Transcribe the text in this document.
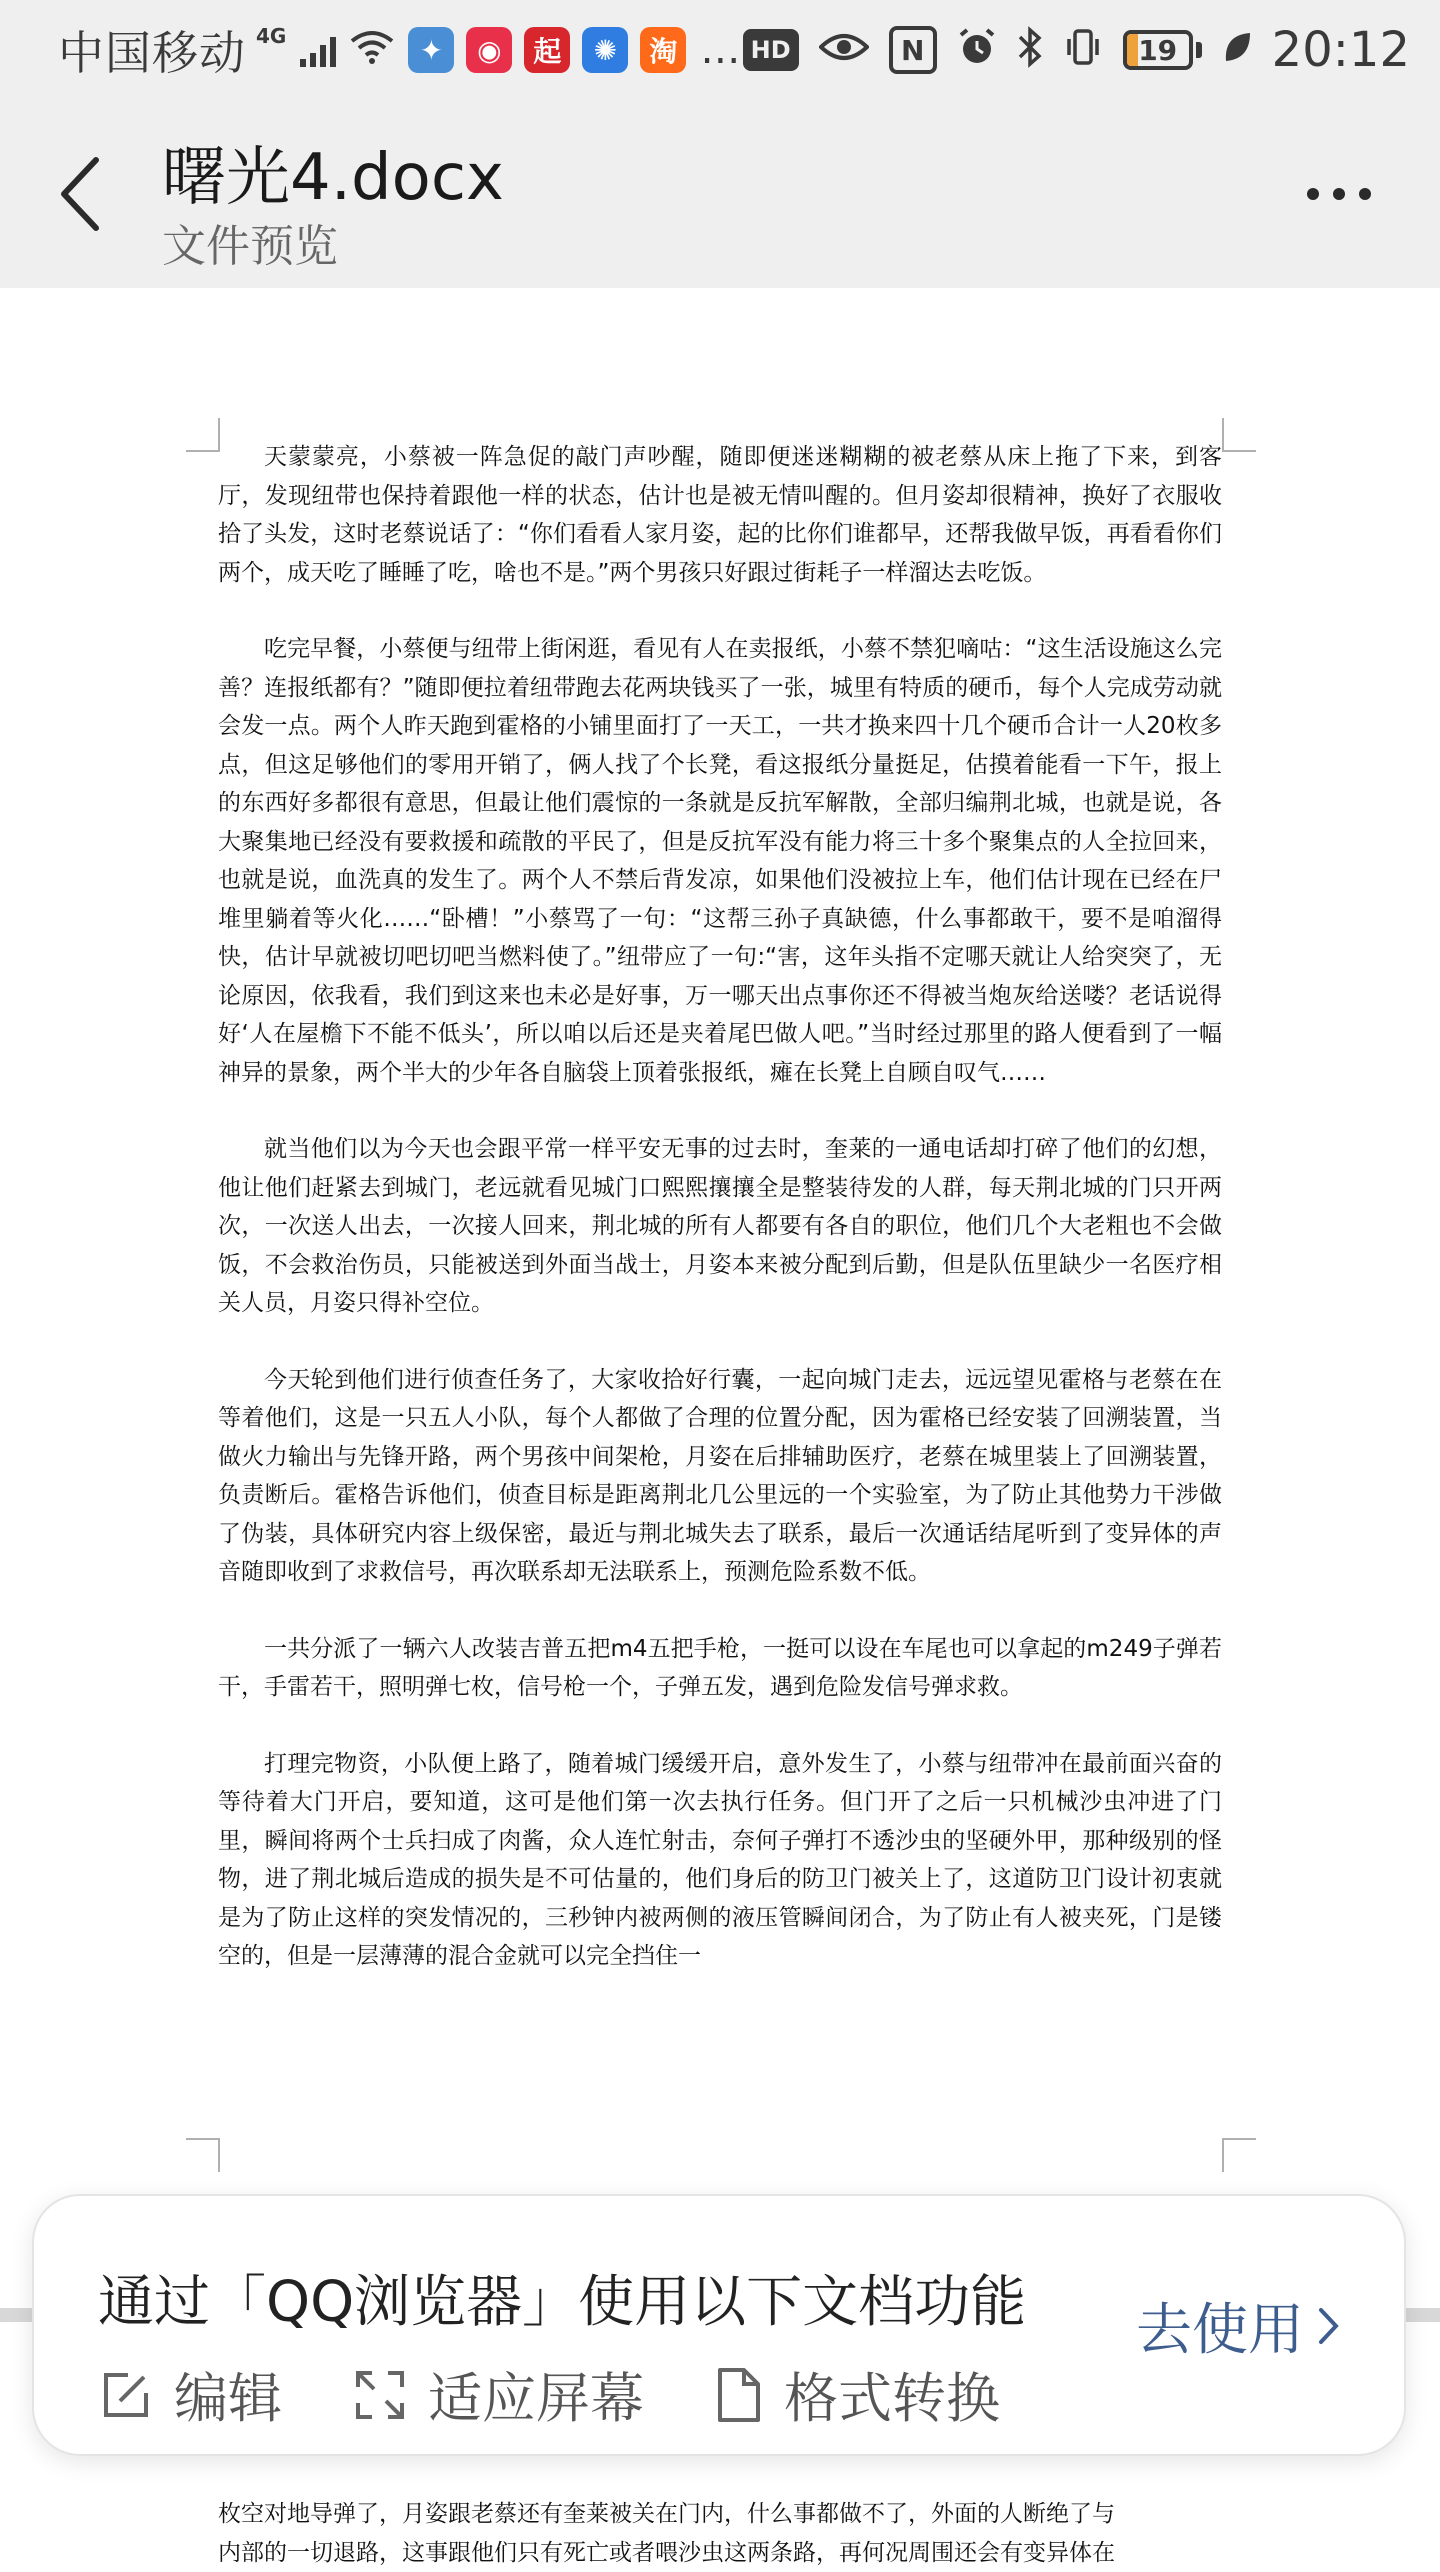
中国移动 4G	✦	◉	起	✺	淘 … HD	N	19 20:12
曙光4.docx
文件预览

天蒙蒙亮，小蔡被一阵急促的敲门声吵醒，随即便迷迷糊糊的被老蔡从床上拖了下来，到客厅，发现纽带也保持着跟他一样的状态，估计也是被无情叫醒的。但月姿却很精神，换好了衣服收拾了头发，这时老蔡说话了：“你们看看人家月姿，起的比你们谁都早，还帮我做早饭，再看看你们两个，成天吃了睡睡了吃，啥也不是。”两个男孩只好跟过街耗子一样溜达去吃饭。

吃完早餐，小蔡便与纽带上街闲逛，看见有人在卖报纸，小蔡不禁犯嘀咕：“这生活设施这么完善？连报纸都有？”随即便拉着纽带跑去花两块钱买了一张，城里有特质的硬币，每个人完成劳动就会发一点。两个人昨天跑到霍格的小铺里面打了一天工，一共才换来四十几个硬币合计一人20枚多点，但这足够他们的零用开销了，俩人找了个长凳，看这报纸分量挺足，估摸着能看一下午，报上的东西好多都很有意思，但最让他们震惊的一条就是反抗军解散，全部归编荆北城，也就是说，各大聚集地已经没有要救援和疏散的平民了，但是反抗军没有能力将三十多个聚集点的人全拉回来，也就是说，血洗真的发生了。两个人不禁后背发凉，如果他们没被拉上车，他们估计现在已经在尸堆里躺着等火化……“卧槽！”小蔡骂了一句：“这帮三孙子真缺德，什么事都敢干，要不是咱溜得快，估计早就被切吧切吧当燃料使了。”纽带应了一句:“害，这年头指不定哪天就让人给突突了，无论原因，依我看，我们到这来也未必是好事，万一哪天出点事你还不得被当炮灰给送喽？老话说得好‘人在屋檐下不能不低头’，所以咱以后还是夹着尾巴做人吧。”当时经过那里的路人便看到了一幅神异的景象，两个半大的少年各自脑袋上顶着张报纸，瘫在长凳上自顾自叹气……

就当他们以为今天也会跟平常一样平安无事的过去时，奎莱的一通电话却打碎了他们的幻想，他让他们赶紧去到城门，老远就看见城门口熙熙攘攘全是整装待发的人群，每天荆北城的门只开两次，一次送人出去，一次接人回来，荆北城的所有人都要有各自的职位，他们几个大老粗也不会做饭，不会救治伤员，只能被送到外面当战士，月姿本来被分配到后勤，但是队伍里缺少一名医疗相关人员，月姿只得补空位。

今天轮到他们进行侦查任务了，大家收拾好行囊，一起向城门走去，远远望见霍格与老蔡在在等着他们，这是一只五人小队，每个人都做了合理的位置分配，因为霍格已经安装了回溯装置，当做火力输出与先锋开路，两个男孩中间架枪，月姿在后排辅助医疗，老蔡在城里装上了回溯装置，负责断后。霍格告诉他们，侦查目标是距离荆北几公里远的一个实验室，为了防止其他势力干涉做了伪装，具体研究内容上级保密，最近与荆北城失去了联系，最后一次通话结尾听到了变异体的声音随即收到了求救信号，再次联系却无法联系上，预测危险系数不低。

一共分派了一辆六人改装吉普五把m4五把手枪，一挺可以设在车尾也可以拿起的m249子弹若干，手雷若干，照明弹七枚，信号枪一个，子弹五发，遇到危险发信号弹求救。

打理完物资，小队便上路了，随着城门缓缓开启，意外发生了，小蔡与纽带冲在最前面兴奋的等待着大门开启，要知道，这可是他们第一次去执行任务。但门开了之后一只机械沙虫冲进了门里，瞬间将两个士兵扫成了肉酱，众人连忙射击，奈何子弹打不透沙虫的坚硬外甲，那种级别的怪物，进了荆北城后造成的损失是不可估量的，他们身后的防卫门被关上了，这道防卫门设计初衷就是为了防止这样的突发情况的，三秒钟内被两侧的液压管瞬间闭合，为了防止有人被夹死，门是镂空的，但是一层薄薄的混合金就可以完全挡住一

枚空对地导弹了，月姿跟老蔡还有奎莱被关在门内，什么事都做不了，外面的人断绝了与
内部的一切退路，这事跟他们只有死亡或者喂沙虫这两条路，再何况周围还会有变异体在
通过「QQ浏览器」使用以下文档功能
编辑	适应屏幕	格式转换
去使用
